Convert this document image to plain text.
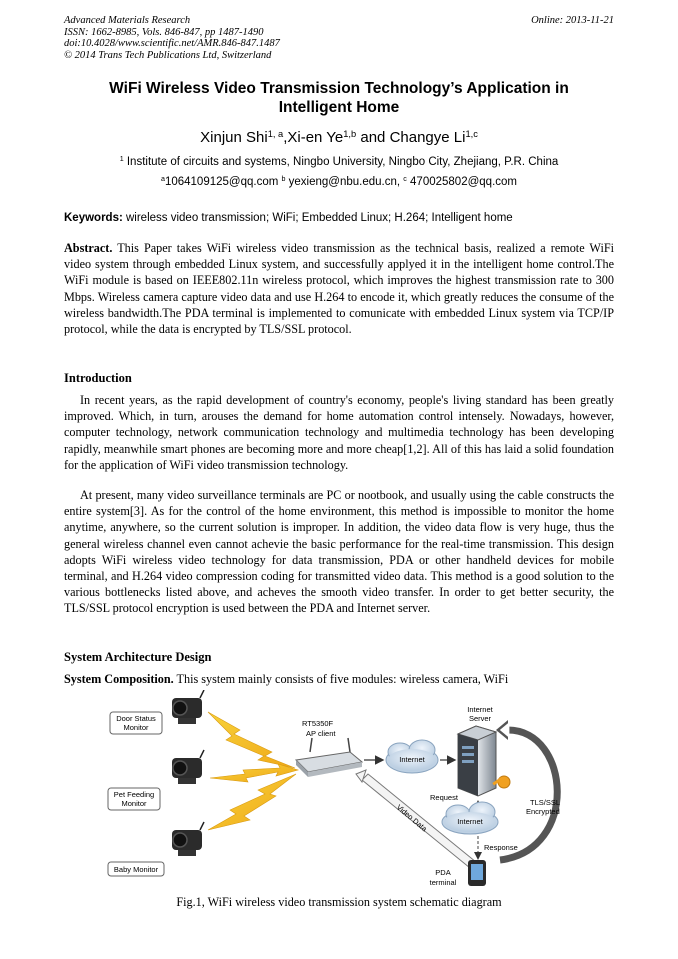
Advanced Materials Research
ISSN: 1662-8985, Vols. 846-847, pp 1487-1490
doi:10.4028/www.scientific.net/AMR.846-847.1487
© 2014 Trans Tech Publications Ltd, Switzerland
Online: 2013-11-21
WiFi Wireless Video Transmission Technology’s Application in
Intelligent Home
Xinjun Shi$^{1, a}$,Xi-en Ye$^{1,b}$ and Changye Li$^{1,c}$
$^1$ Institute of circuits and systems, Ningbo University, Ningbo City, Zhejiang, P.R. China
$^a$1064109125@qq.com $^b$ yexieng@nbu.edu.cn, $^c$ 470025802@qq.com
Keywords: wireless video transmission; WiFi; Embedded Linux; H.264; Intelligent home
Abstract. This Paper takes WiFi wireless video transmission as the technical basis, realized a remote WiFi video system through embedded Linux system, and successfully applyed it in the intelligent home control.The WiFi module is based on IEEE802.11n wireless protocol, which improves the highest transmission rate to 300 Mbps. Wireless camera capture video data and use H.264 to encode it, which greatly reduces the consume of the wireless bandwidth.The PDA terminal is implemented to comunicate with embedded Linux system via TCP/IP protocol, while the data is encrypted by TLS/SSL protocol.
Introduction
In recent years, as the rapid development of country's economy, people's living standard has been greatly improved. Which, in turn, arouses the demand for home automation control intensely. Nowadays, however, computer technology, network communication technology and multimedia technology has been developing rapidly, meanwhile smart phones are becoming more and more cheap[1,2]. All of this has laid a solid foundation for the application of WiFi video transmission technology.
At present, many video surveillance terminals are PC or nootbook, and usually using the cable constructs the entire system[3]. As for the control of the home environment, this method is impossible to monitor the home anytime, anywhere, so the current solution is improper. In addition, the video data flow is very huge, thus the general wireless channel even cannot achevie the basic performance for the real-time transmission. This design adopts WiFi wireless video technology for data transmission, PDA or other handheld devices for mobile terminal, and H.264 video compression coding for transmitted video data. This method is a good solution to the various bottlenecks listed above, and acheves the smooth video transfer. In order to get better security, the TLS/SSL protocol encryption is used between the PDA and Internet server.
System Architecture Design
System Composition. This system mainly consists of five modules: wireless camera, WiFi
Door Status
Monitor
Pet Feeding
Monitor
Baby Monitor
RT5350F
AP client
Internet
Internet
Server
TLS/SSL
Encrypted
Request
Internet
Response
Video Data
PDA
terminal
Fig.1, WiFi wireless video transmission system schematic diagram
